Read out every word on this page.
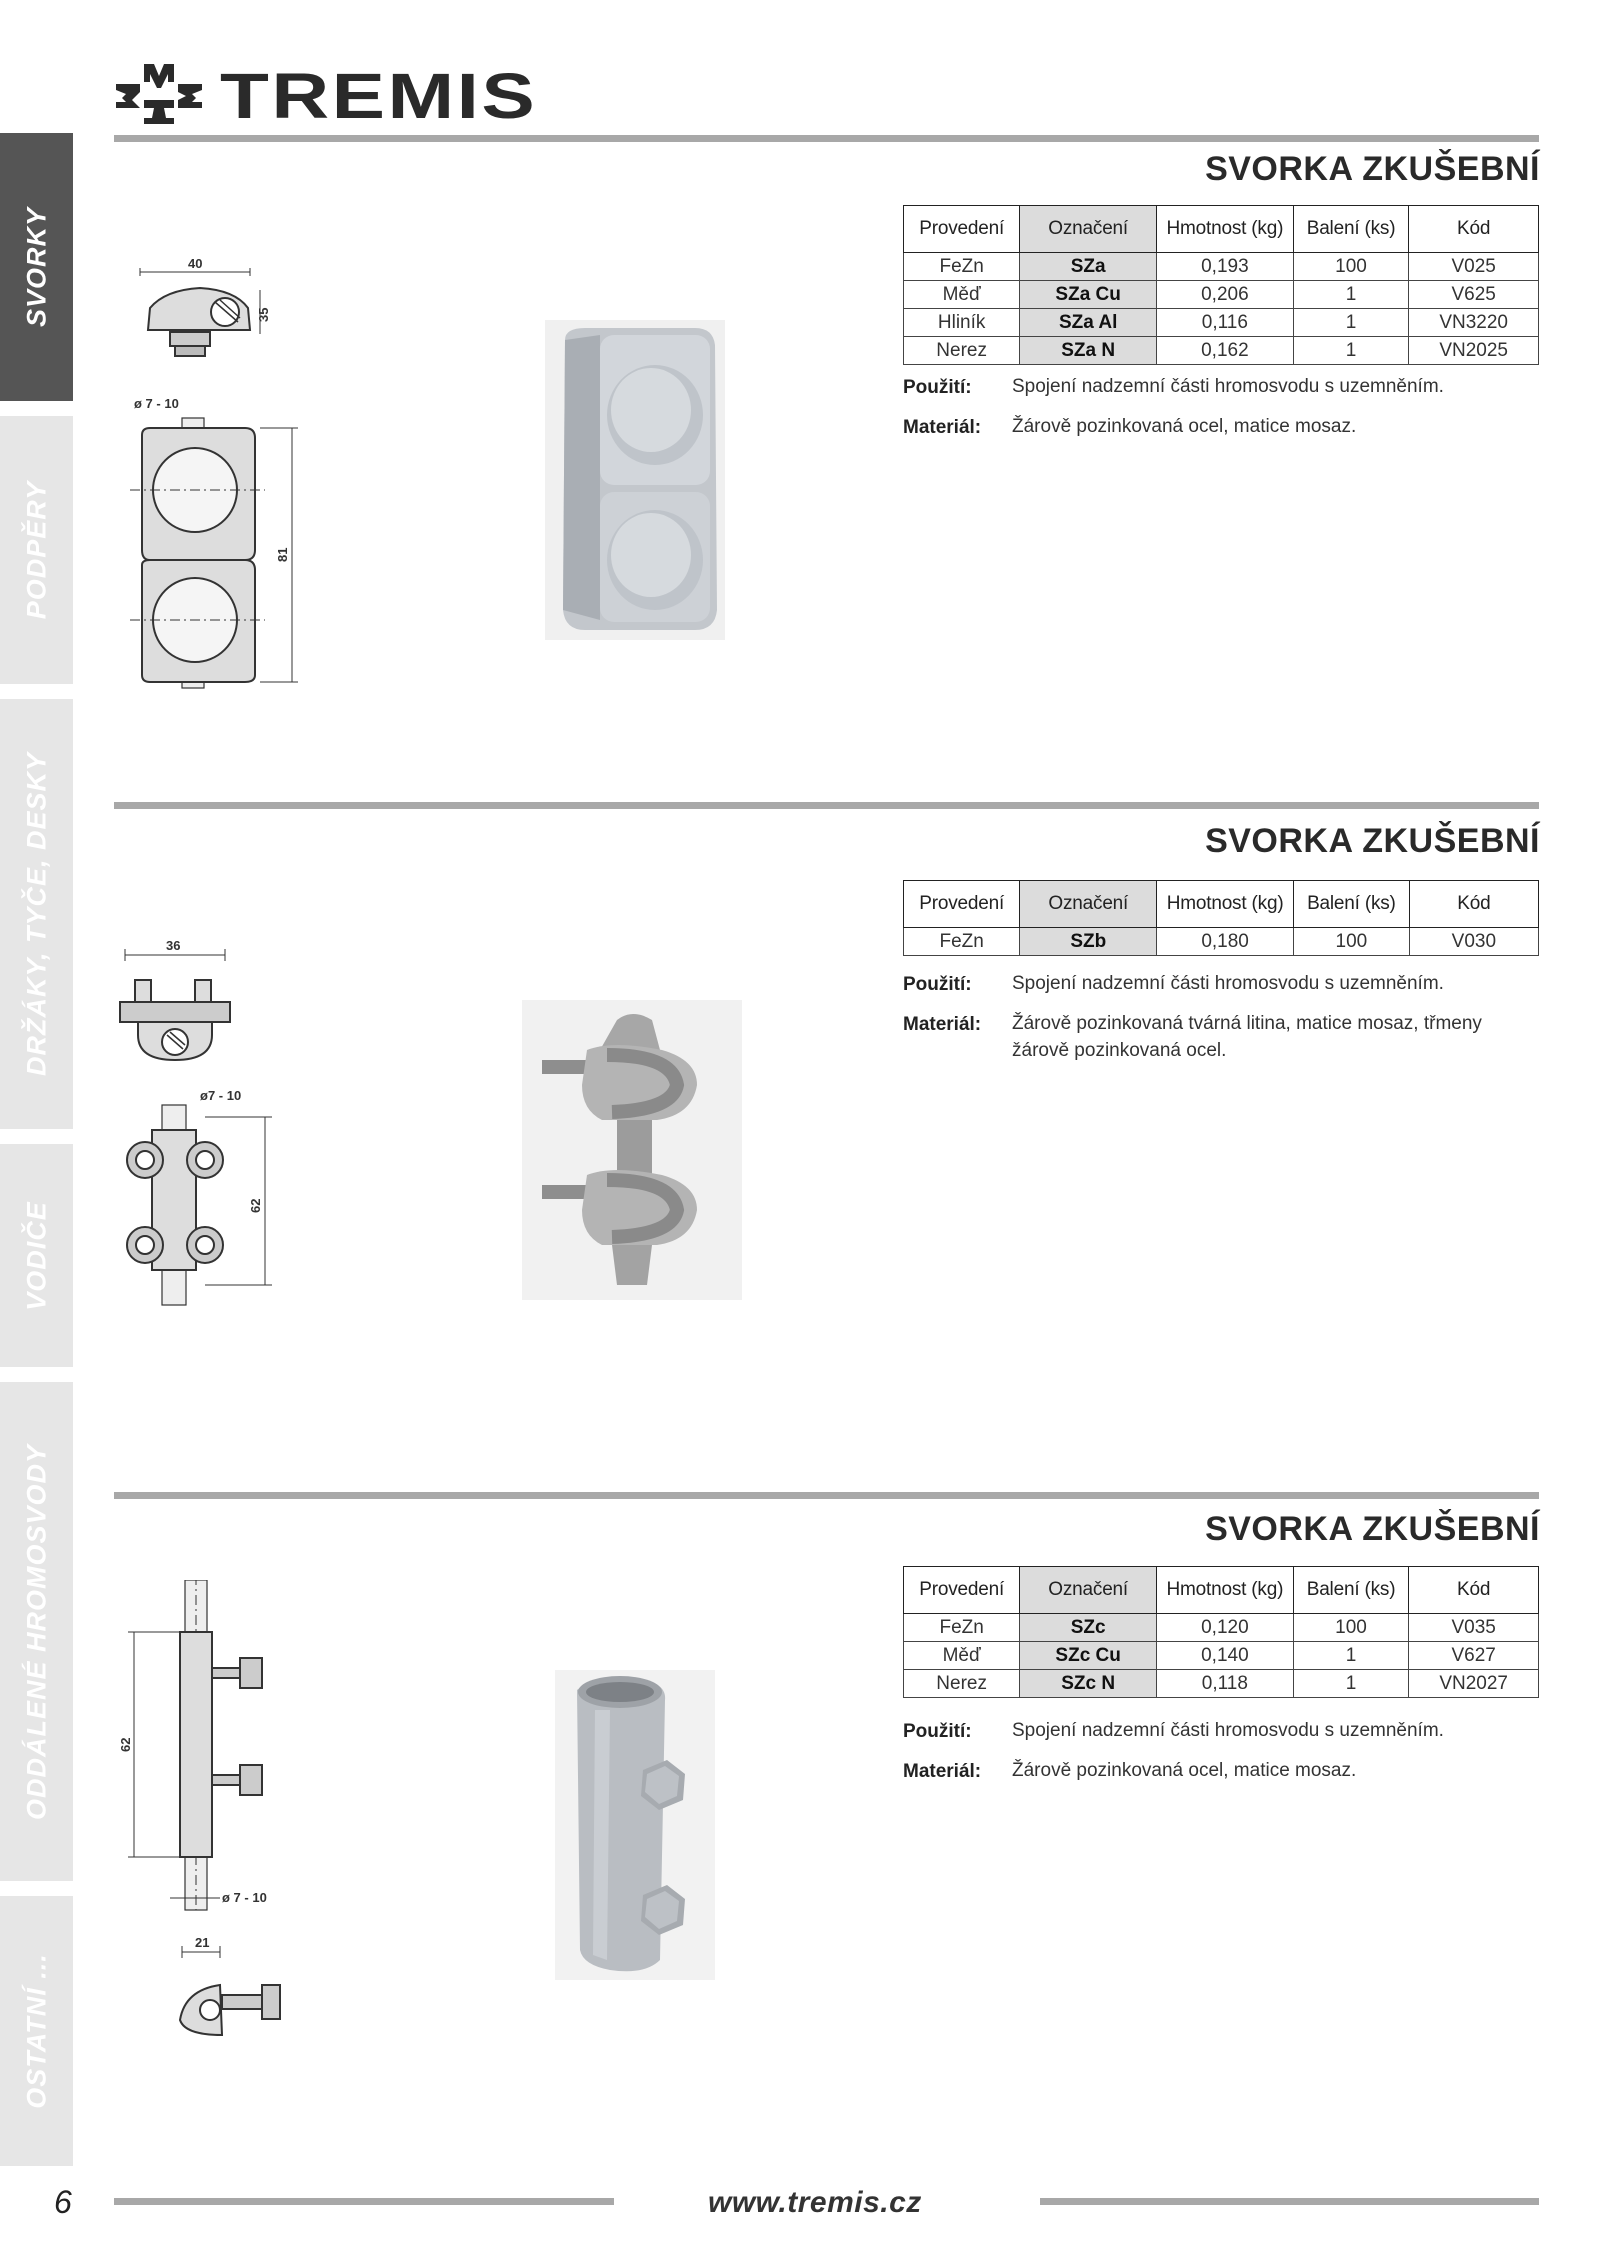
SVORKY
PODPĚRY
DRŽÁKY, TYČE, DESKY
VODIČE
ODDÁLENÉ HROMOSVODY
OSTATNÍ ...
TREMIS
SVORKA ZKUŠEBNÍ
Provedení	Označení	Hmotnost (kg)	Balení (ks)	Kód
FeZn	SZa	0,193	100	V025
Měď	SZa Cu	0,206	1	V625
Hliník	SZa Al	0,116	1	VN3220
Nerez	SZa N	0,162	1	VN2025
Použití: Spojení nadzemní části hromosvodu s uzemněním.
Materiál: Žárově pozinkovaná ocel, matice mosaz.
40
35
ø 7 - 10
81
SVORKA ZKUŠEBNÍ
Provedení	Označení	Hmotnost (kg)	Balení (ks)	Kód
FeZn	SZb	0,180	100	V030
Použití: Spojení nadzemní části hromosvodu s uzemněním.
Materiál: Žárově pozinkovaná tvárná litina, matice mosaz, třmeny žárově pozinkovaná ocel.
36
ø7 - 10
62
SVORKA ZKUŠEBNÍ
Provedení	Označení	Hmotnost (kg)	Balení (ks)	Kód
FeZn	SZc	0,120	100	V035
Měď	SZc Cu	0,140	1	V627
Nerez	SZc N	0,118	1	VN2027
Použití: Spojení nadzemní části hromosvodu s uzemněním.
Materiál: Žárově pozinkovaná ocel, matice mosaz.
62
ø 7 - 10
21
6	www.tremis.cz
